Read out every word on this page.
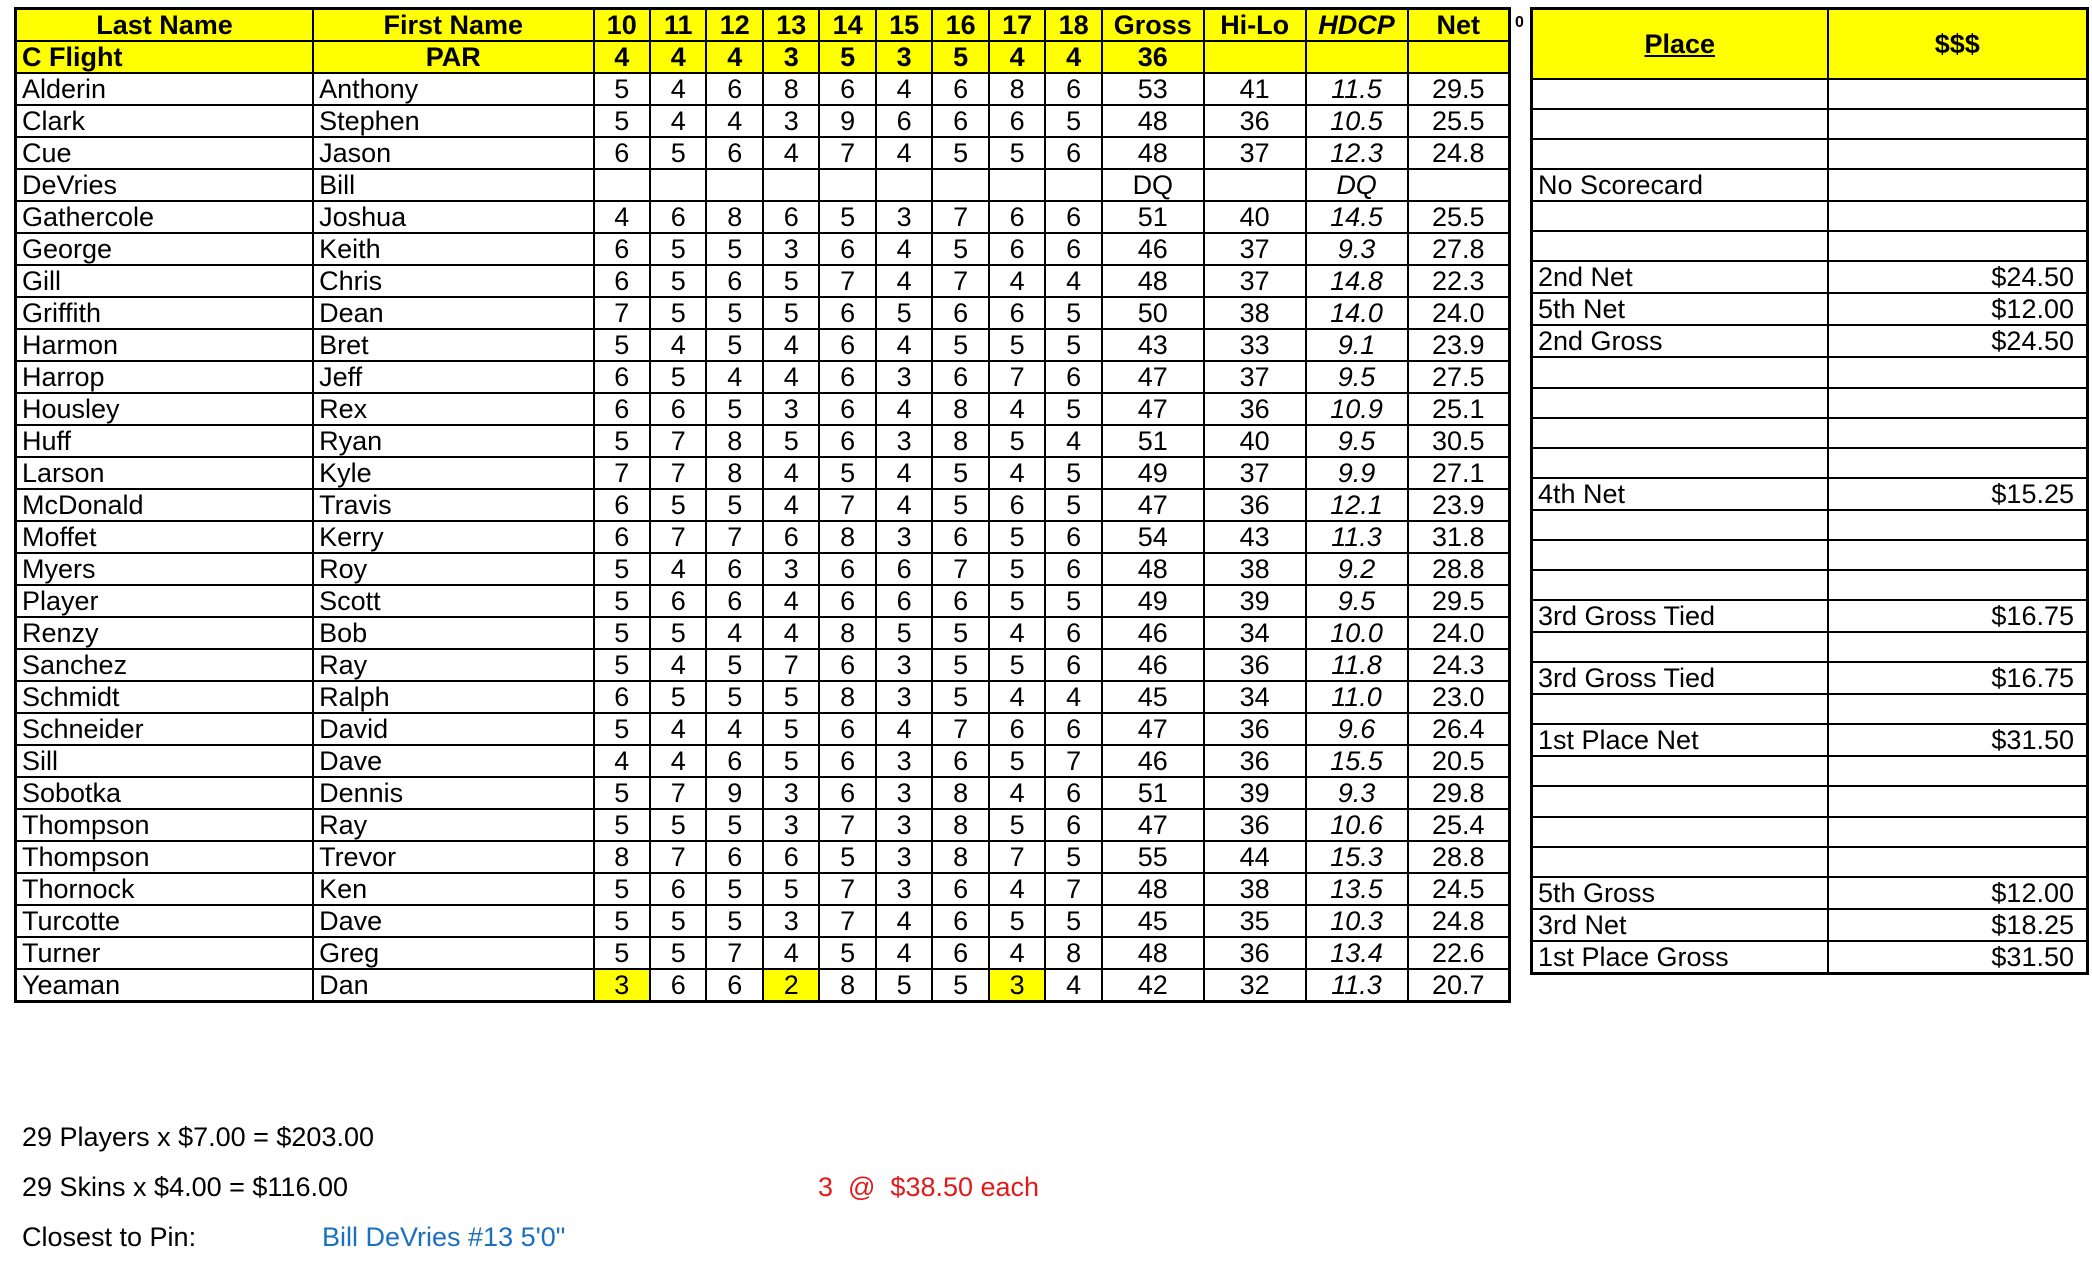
Last Name	First Name	10	11	12	13	14	15	16	17	18	Gross	Hi-Lo	HDCP	Net
C Flight	PAR	4	4	4	3	5	3	5	4	4	36			
Alderin	Anthony	5	4	6	8	6	4	6	8	6	53	41	11.5	29.5
Clark	Stephen	5	4	4	3	9	6	6	6	5	48	36	10.5	25.5
Cue	Jason	6	5	6	4	7	4	5	5	6	48	37	12.3	24.8
DeVries	Bill										DQ		DQ	
Gathercole	Joshua	4	6	8	6	5	3	7	6	6	51	40	14.5	25.5
George	Keith	6	5	5	3	6	4	5	6	6	46	37	9.3	27.8
Gill	Chris	6	5	6	5	7	4	7	4	4	48	37	14.8	22.3
Griffith	Dean	7	5	5	5	6	5	6	6	5	50	38	14.0	24.0
Harmon	Bret	5	4	5	4	6	4	5	5	5	43	33	9.1	23.9
Harrop	Jeff	6	5	4	4	6	3	6	7	6	47	37	9.5	27.5
Housley	Rex	6	6	5	3	6	4	8	4	5	47	36	10.9	25.1
Huff	Ryan	5	7	8	5	6	3	8	5	4	51	40	9.5	30.5
Larson	Kyle	7	7	8	4	5	4	5	4	5	49	37	9.9	27.1
McDonald	Travis	6	5	5	4	7	4	5	6	5	47	36	12.1	23.9
Moffet	Kerry	6	7	7	6	8	3	6	5	6	54	43	11.3	31.8
Myers	Roy	5	4	6	3	6	6	7	5	6	48	38	9.2	28.8
Player	Scott	5	6	6	4	6	6	6	5	5	49	39	9.5	29.5
Renzy	Bob	5	5	4	4	8	5	5	4	6	46	34	10.0	24.0
Sanchez	Ray	5	4	5	7	6	3	5	5	6	46	36	11.8	24.3
Schmidt	Ralph	6	5	5	5	8	3	5	4	4	45	34	11.0	23.0
Schneider	David	5	4	4	5	6	4	7	6	6	47	36	9.6	26.4
Sill	Dave	4	4	6	5	6	3	6	5	7	46	36	15.5	20.5
Sobotka	Dennis	5	7	9	3	6	3	8	4	6	51	39	9.3	29.8
Thompson	Ray	5	5	5	3	7	3	8	5	6	47	36	10.6	25.4
Thompson	Trevor	8	7	6	6	5	3	8	7	5	55	44	15.3	28.8
Thornock	Ken	5	6	5	5	7	3	6	4	7	48	38	13.5	24.5
Turcotte	Dave	5	5	5	3	7	4	6	5	5	45	35	10.3	24.8
Turner	Greg	5	5	7	4	5	4	6	4	8	48	36	13.4	22.6
Yeaman	Dan	3	6	6	2	8	5	5	3	4	42	32	11.3	20.7
0
Place	$$$

No Scorecard	

2nd Net	$24.50
5th Net	$12.00
2nd Gross	$24.50

4th Net	$15.25

3rd Gross Tied	$16.75

3rd Gross Tied	$16.75

1st Place Net	$31.50

5th Gross	$12.00
3rd Net	$18.25
1st Place Gross	$31.50
29 Players x $7.00 = $203.00
29 Skins x $4.00 = $116.00	3  @  $38.50 each
Closest to Pin:	Bill DeVries #13 5'0"
